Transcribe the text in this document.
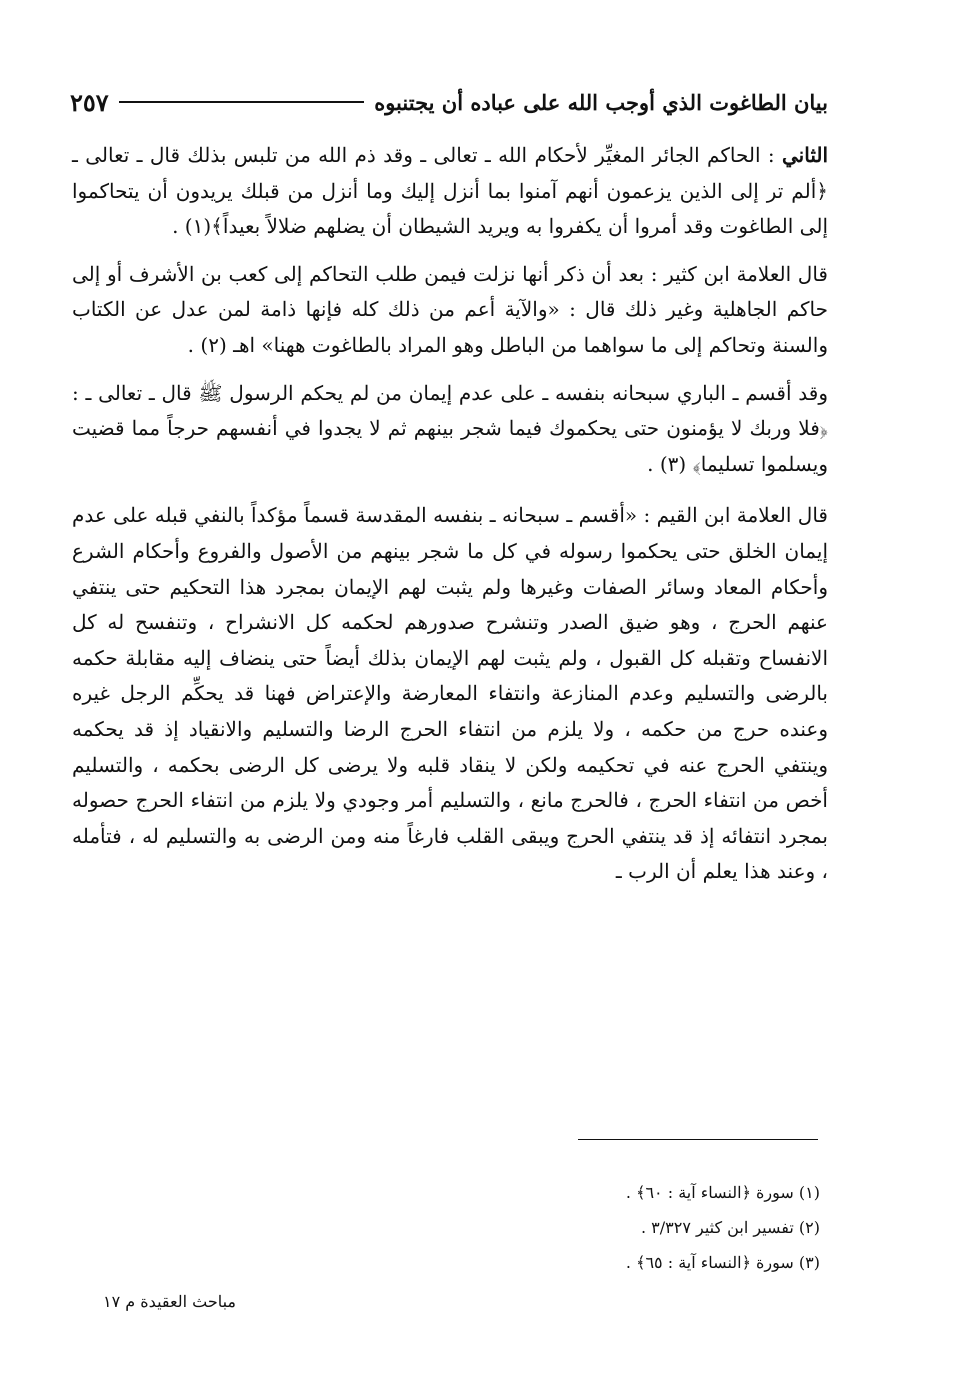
بيان الطاغوت الذي أوجب الله على عباده أن يجتنبوه
٢٥٧

الثاني : الحاكم الجائر المغيِّر لأحكام الله ـ تعالى ـ وقد ذم الله من تلبس بذلك قال ـ تعالى ـ ﴿ألم تر إلى الذين يزعمون أنهم آمنوا بما أنزل إليك وما أنزل من قبلك يريدون أن يتحاكموا إلى الطاغوت وقد أمروا أن يكفروا به ويريد الشيطان أن يضلهم ضلالاً بعيداً﴾(١) .

قال العلامة ابن كثير : بعد أن ذكر أنها نزلت فيمن طلب التحاكم إلى كعب بن الأشرف أو إلى حاكم الجاهلية وغير ذلك قال : «والآية أعم من ذلك كله فإنها ذامة لمن عدل عن الكتاب والسنة وتحاكم إلى ما سواهما من الباطل وهو المراد بالطاغوت ههنا» اهـ (٢) .

وقد أقسم ـ الباري سبحانه بنفسه ـ على عدم إيمان من لم يحكم الرسول ﷺ قال ـ تعالى ـ : ﴿فلا وربك لا يؤمنون حتى يحكموك فيما شجر بينهم ثم لا يجدوا في أنفسهم حرجاً مما قضيت ويسلموا تسليما﴾ (٣) .

قال العلامة ابن القيم : «أقسم ـ سبحانه ـ بنفسه المقدسة قسماً مؤكداً بالنفي قبله على عدم إيمان الخلق حتى يحكموا رسوله في كل ما شجر بينهم من الأصول والفروع وأحكام الشرع وأحكام المعاد وسائر الصفات وغيرها ولم يثبت لهم الإيمان بمجرد هذا التحكيم حتى ينتفي عنهم الحرج ، وهو ضيق الصدر وتنشرح صدورهم لحكمه كل الانشراح ، وتنفسح له كل الانفساح وتقبله كل القبول ، ولم يثبت لهم الإيمان بذلك أيضاً حتى ينضاف إليه مقابلة حكمه بالرضى والتسليم وعدم المنازعة وانتفاء المعارضة والإعتراض فهنا قد يحكِّم الرجل غيره وعنده حرج من حكمه ، ولا يلزم من انتفاء الحرج الرضا والتسليم والانقياد إذ قد يحكمه وينتفي الحرج عنه في تحكيمه ولكن لا ينقاد قلبه ولا يرضى كل الرضى بحكمه ، والتسليم أخص من انتفاء الحرج ، فالحرج مانع ، والتسليم أمر وجودي ولا يلزم من انتفاء الحرج حصوله بمجرد انتفائه إذ قد ينتفي الحرج ويبقى القلب فارغاً منه ومن الرضى به والتسليم له ، فتأمله ، وعند هذا يعلم أن الرب ـ

(١) سورة ﴿النساء آية : ٦٠﴾ .
(٢) تفسير ابن كثير ٣/٣٢٧ .
(٣) سورة ﴿النساء آية : ٦٥﴾ .
مباحث العقيدة م ١٧
